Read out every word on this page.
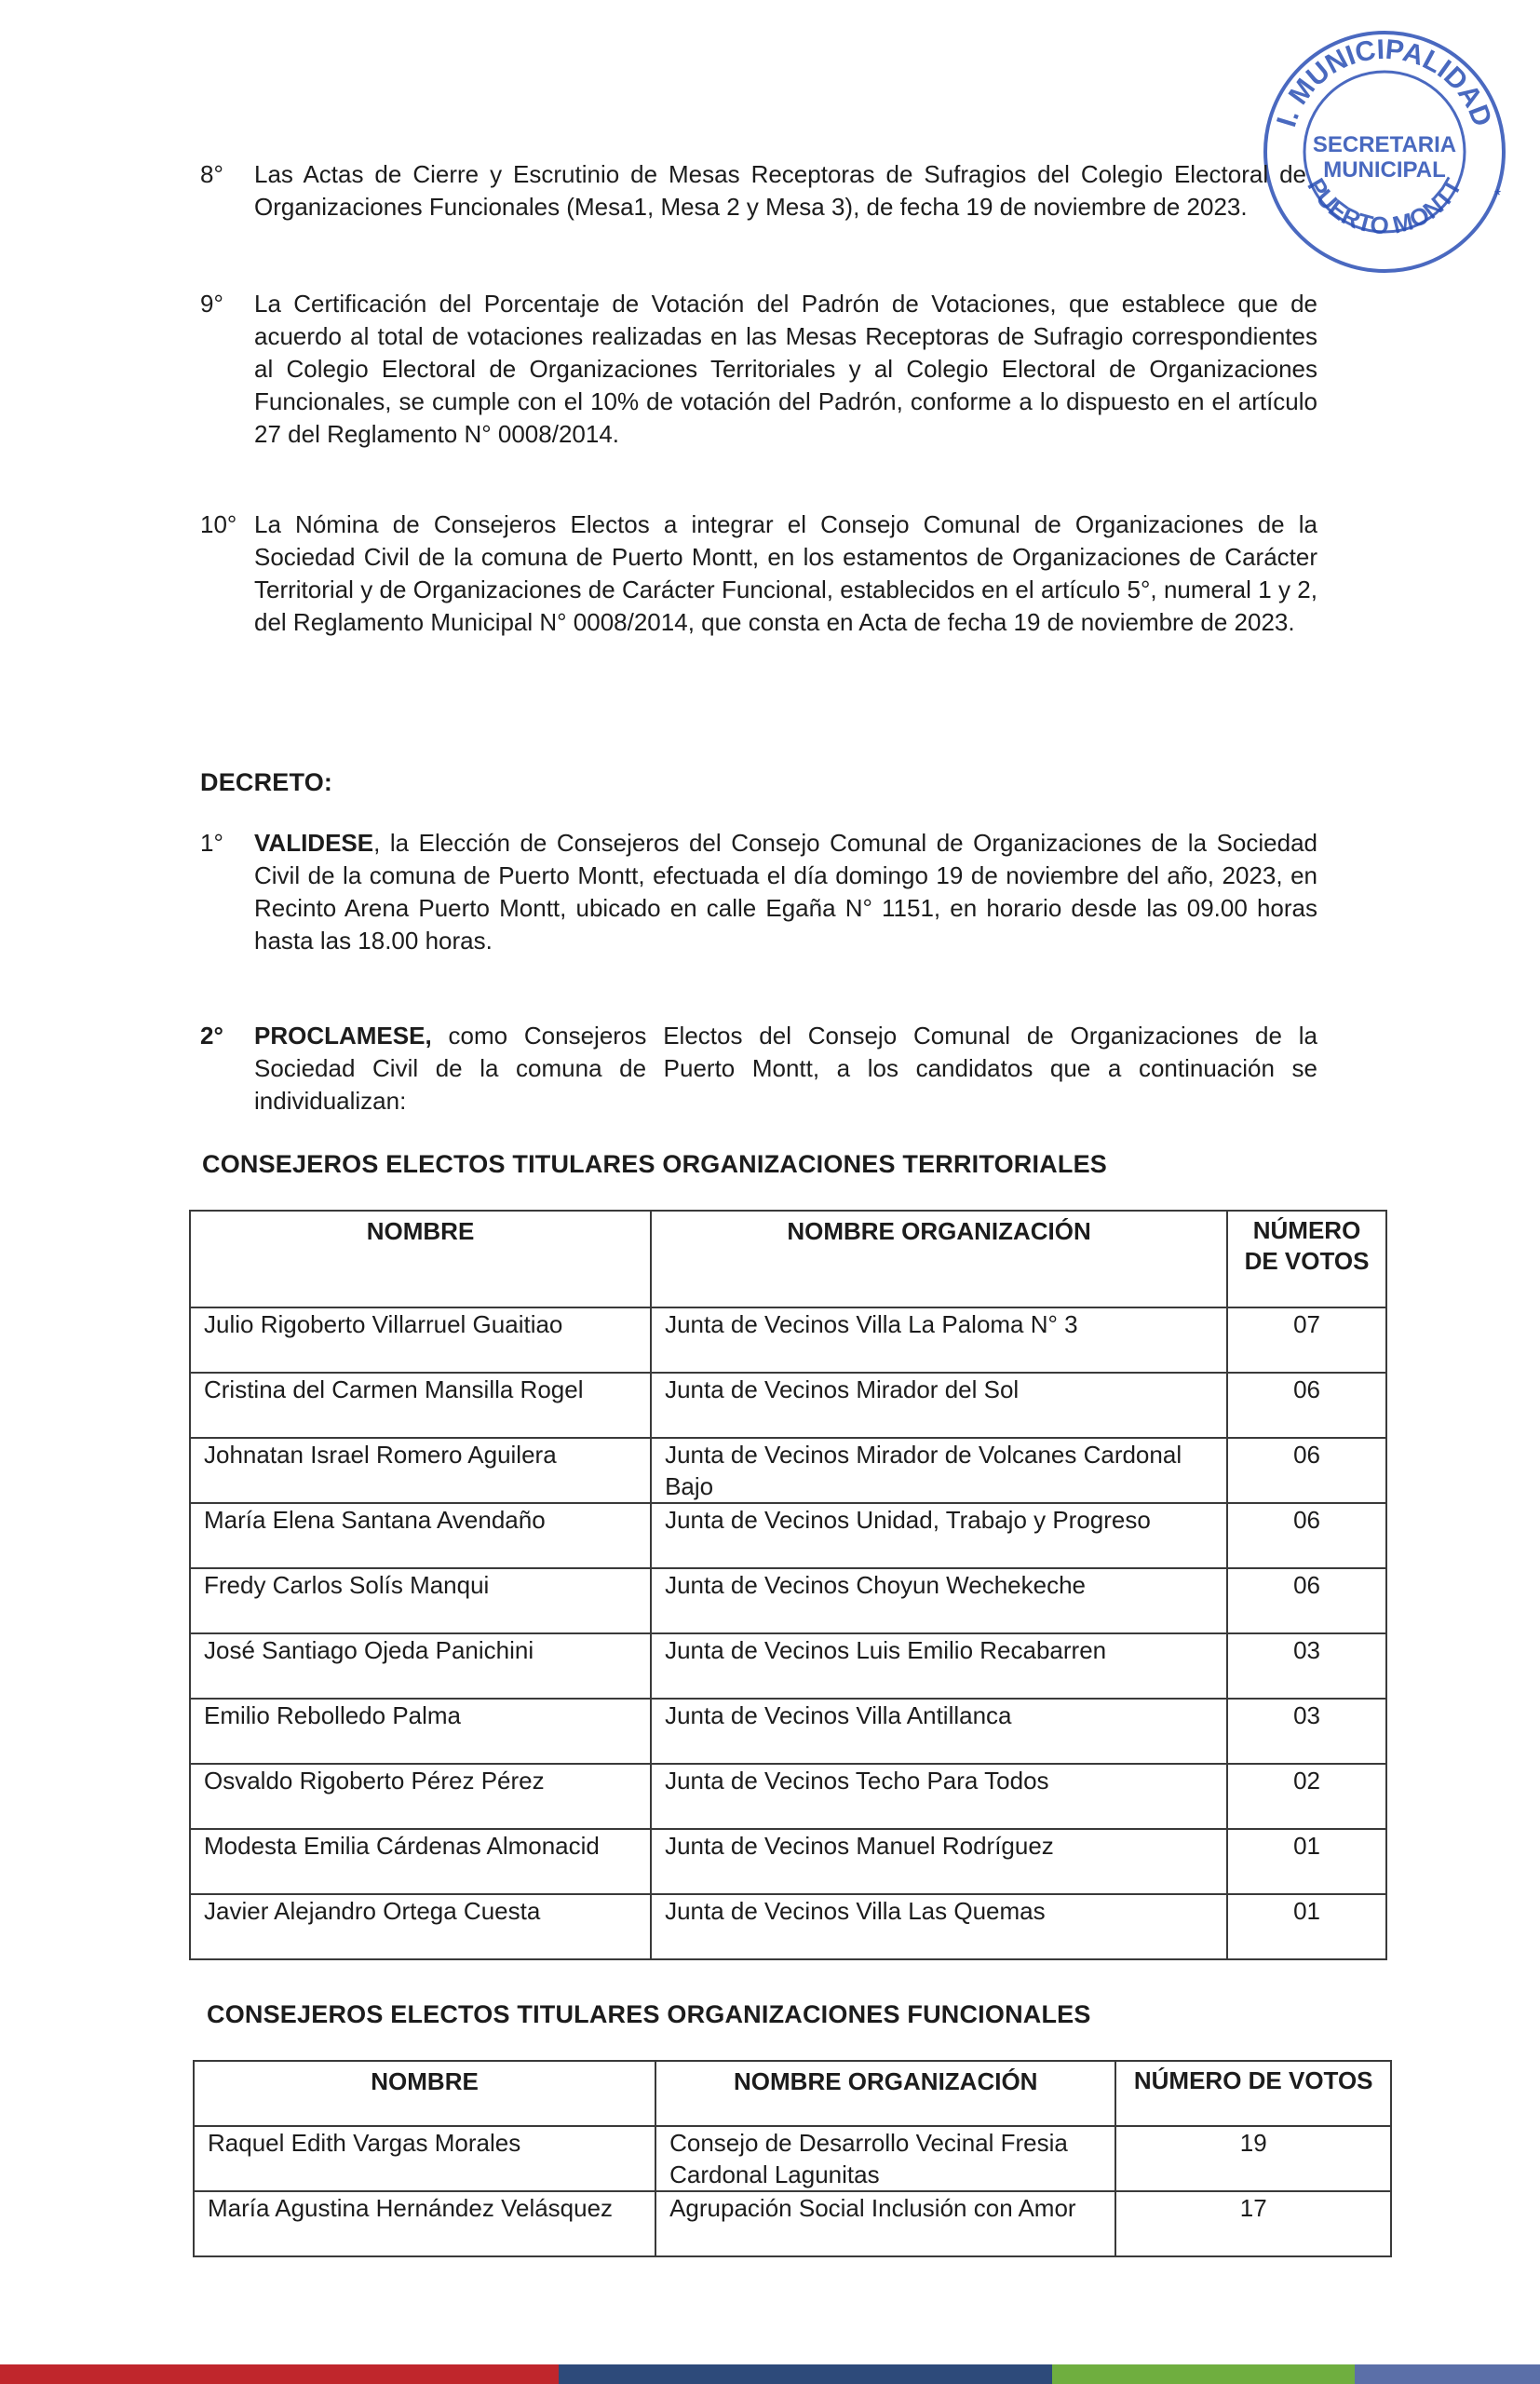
I. MUNICIPALIDAD
SECRETARIA
MUNICIPAL
PUERTO MONTT *
8° Las Actas de Cierre y Escrutinio de Mesas Receptoras de Sufragios del Colegio Electoral de Organizaciones Funcionales (Mesa1, Mesa 2 y Mesa 3), de fecha 19 de noviembre de 2023.
9° La Certificación del Porcentaje de Votación del Padrón de Votaciones, que establece que de acuerdo al total de votaciones realizadas en las Mesas Receptoras de Sufragio correspondientes al Colegio Electoral de Organizaciones Territoriales y al Colegio Electoral de Organizaciones Funcionales, se cumple con el 10% de votación del Padrón, conforme a lo dispuesto en el artículo 27 del Reglamento N° 0008/2014.
10° La Nómina de Consejeros Electos a integrar el Consejo Comunal de Organizaciones de la Sociedad Civil de la comuna de Puerto Montt, en los estamentos de Organizaciones de Carácter Territorial y de Organizaciones de Carácter Funcional, establecidos en el artículo 5°, numeral 1 y 2, del Reglamento Municipal N° 0008/2014, que consta en Acta de fecha 19 de noviembre de 2023.
DECRETO:
1° VALIDESE, la Elección de Consejeros del Consejo Comunal de Organizaciones de la Sociedad Civil de la comuna de Puerto Montt, efectuada el día domingo 19 de noviembre del año, 2023, en Recinto Arena Puerto Montt, ubicado en calle Egaña N° 1151, en horario desde las 09.00 horas hasta las 18.00 horas.
2° PROCLAMESE, como Consejeros Electos del Consejo Comunal de Organizaciones de la Sociedad Civil de la comuna de Puerto Montt, a los candidatos que a continuación se individualizan:
CONSEJEROS ELECTOS TITULARES ORGANIZACIONES TERRITORIALES
NOMBRE	NOMBRE ORGANIZACIÓN	NÚMERO DE VOTOS
Julio Rigoberto Villarruel Guaitiao	Junta de Vecinos Villa La Paloma N° 3	07
Cristina del Carmen Mansilla Rogel	Junta de Vecinos Mirador del Sol	06
Johnatan Israel Romero Aguilera	Junta de Vecinos Mirador de Volcanes Cardonal Bajo	06
María Elena Santana Avendaño	Junta de Vecinos Unidad, Trabajo y Progreso	06
Fredy Carlos Solís Manqui	Junta de Vecinos Choyun Wechekeche	06
José Santiago Ojeda Panichini	Junta de Vecinos Luis Emilio Recabarren	03
Emilio Rebolledo Palma	Junta de Vecinos Villa Antillanca	03
Osvaldo Rigoberto Pérez Pérez	Junta de Vecinos Techo Para Todos	02
Modesta Emilia Cárdenas Almonacid	Junta de Vecinos Manuel Rodríguez	01
Javier Alejandro Ortega Cuesta	Junta de Vecinos Villa Las Quemas	01
CONSEJEROS ELECTOS TITULARES ORGANIZACIONES FUNCIONALES
NOMBRE	NOMBRE ORGANIZACIÓN	NÚMERO DE VOTOS
Raquel Edith Vargas Morales	Consejo de Desarrollo Vecinal Fresia Cardonal Lagunitas	19
María Agustina Hernández Velásquez	Agrupación Social Inclusión con Amor	17
